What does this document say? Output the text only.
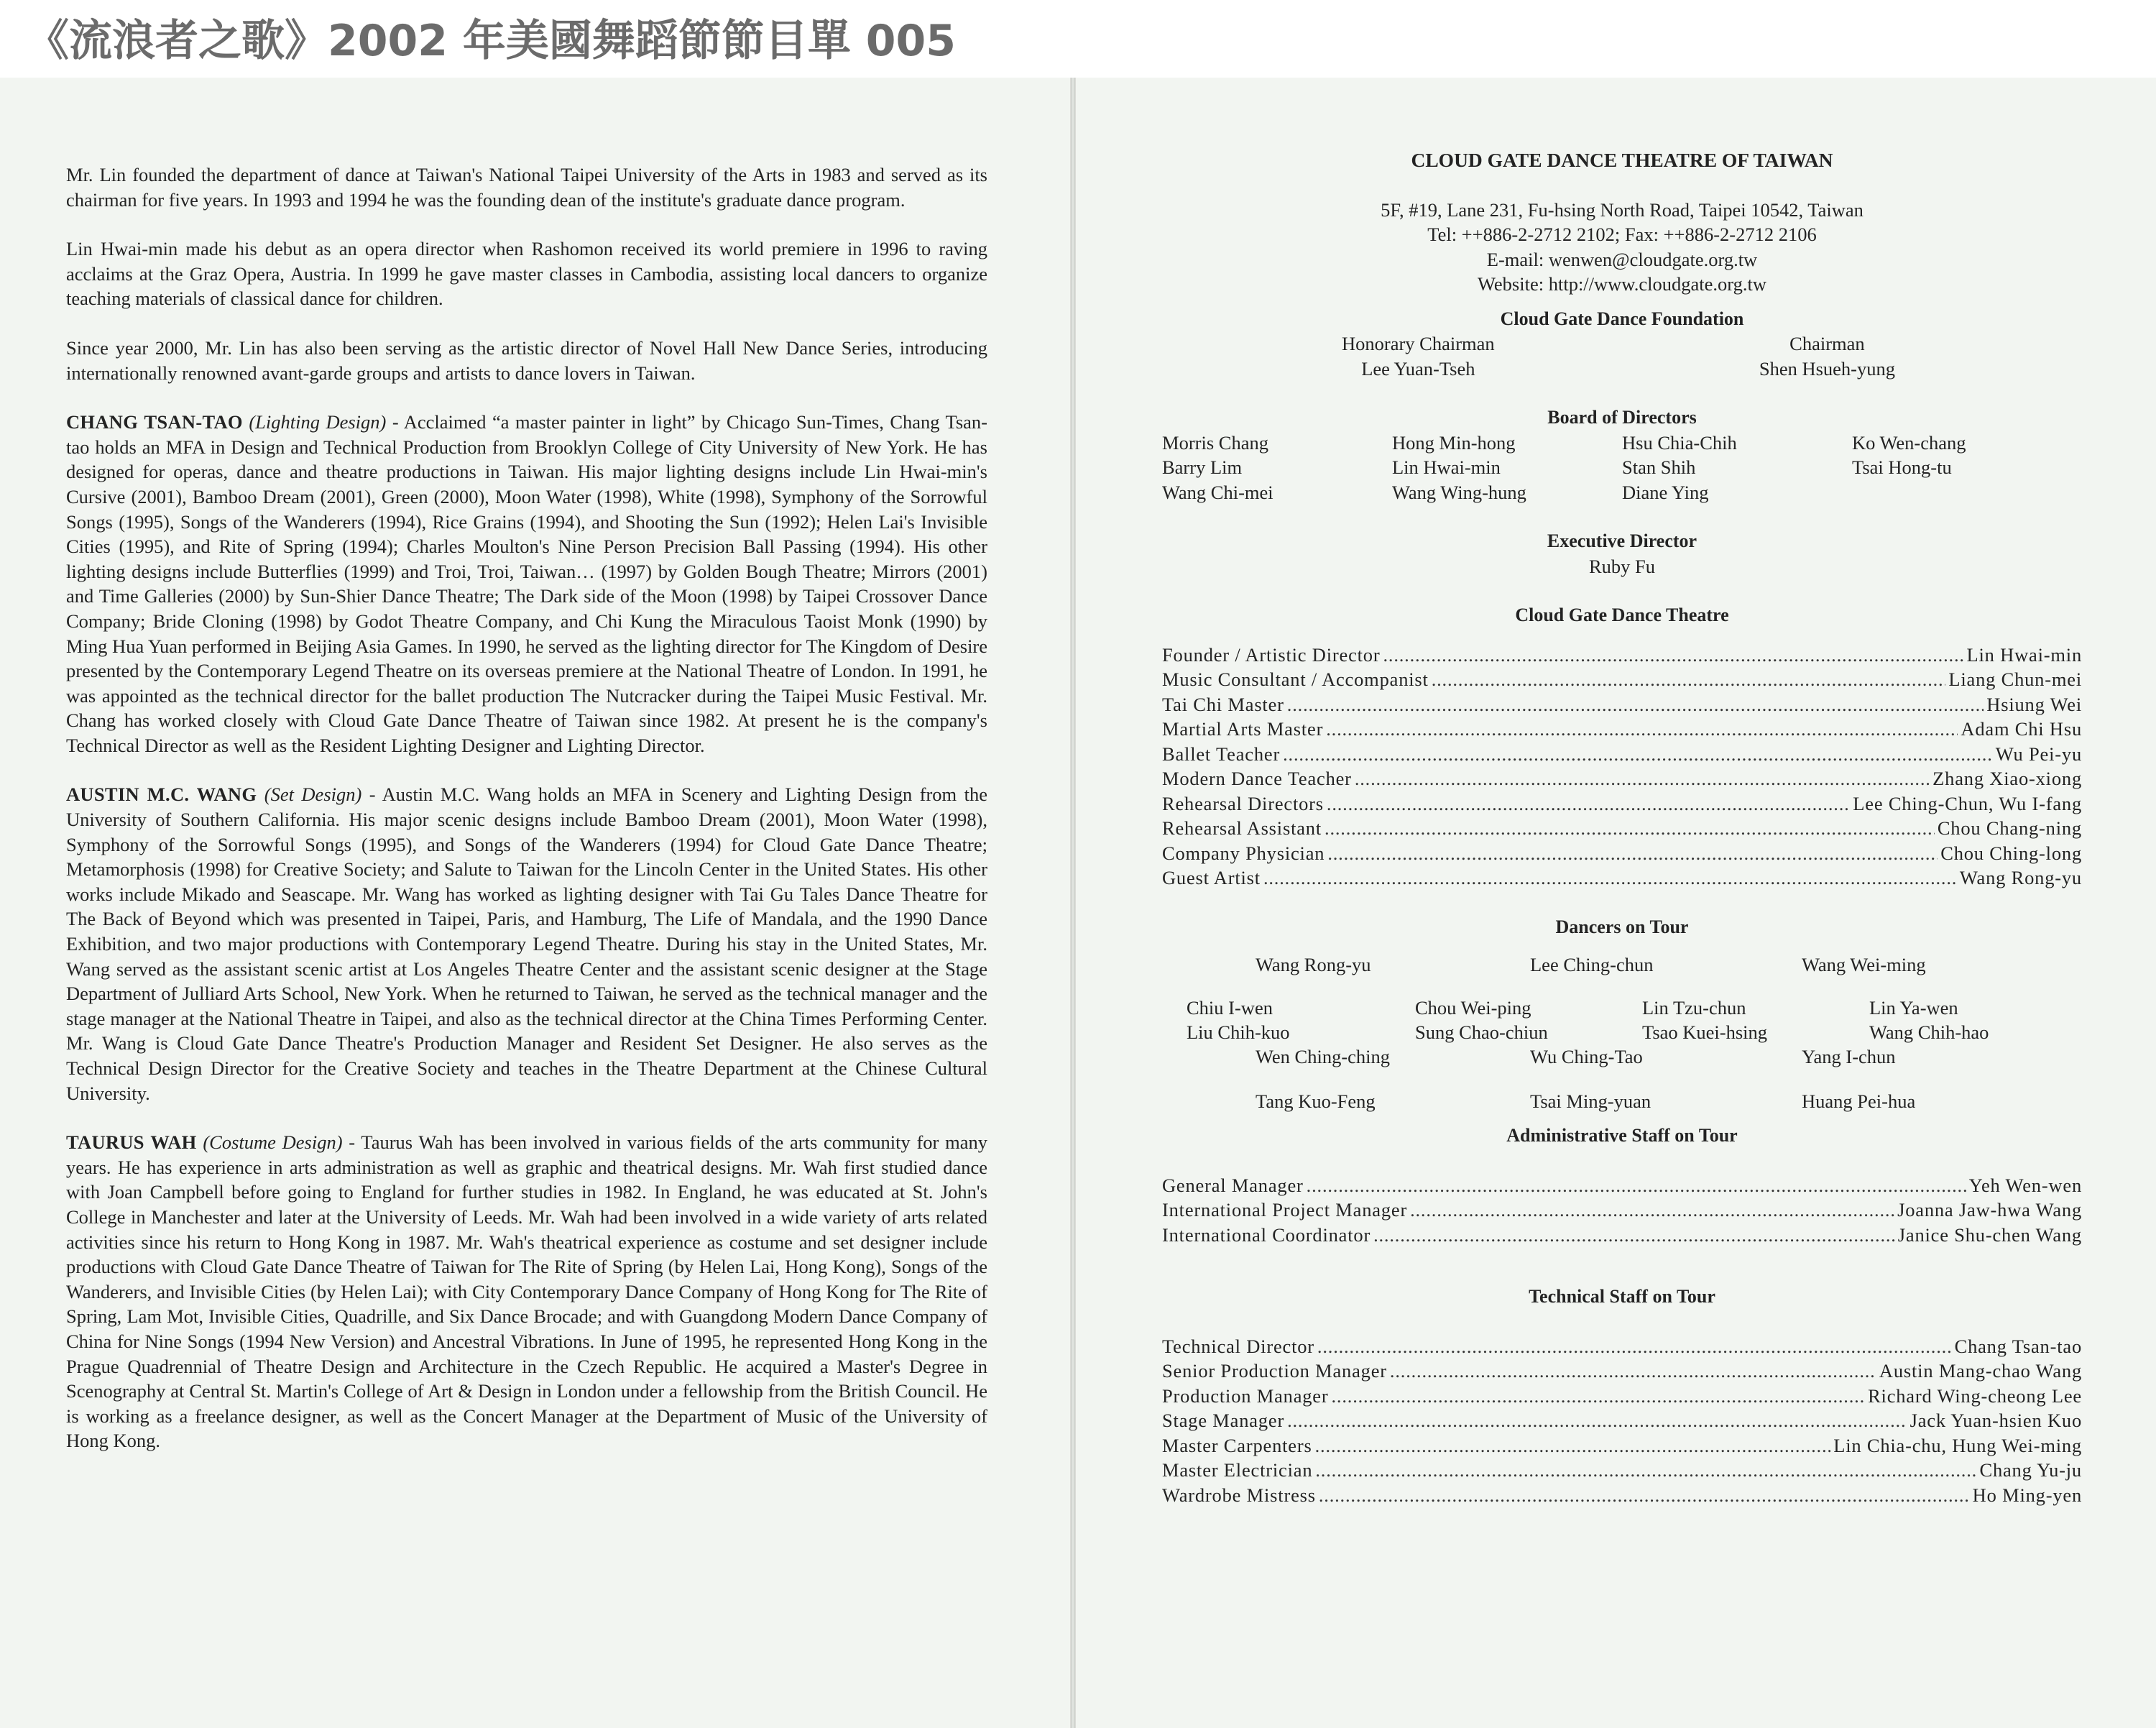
《流浪者之歌》2002 年美國舞蹈節節目單 005

Mr. Lin founded the department of dance at Taiwan's National Taipei University of the Arts in 1983 and served as its chairman for five years. In 1993 and 1994 he was the founding dean of the institute's graduate dance program.

Lin Hwai-min made his debut as an opera director when Rashomon received its world premiere in 1996 to raving acclaims at the Graz Opera, Austria. In 1999 he gave master classes in Cambodia, assisting local dancers to organize teaching materials of classical dance for children.

Since year 2000, Mr. Lin has also been serving as the artistic director of Novel Hall New Dance Series, introducing internationally renowned avant-garde groups and artists to dance lovers in Taiwan.

CHANG TSAN-TAO (Lighting Design) - Acclaimed “a master painter in light” by Chicago Sun-Times, Chang Tsan-tao holds an MFA in Design and Technical Production from Brooklyn College of City University of New York. He has designed for operas, dance and theatre productions in Taiwan. His major lighting designs include Lin Hwai-min's Cursive (2001), Bamboo Dream (2001), Green (2000), Moon Water (1998), White (1998), Symphony of the Sorrowful Songs (1995), Songs of the Wanderers (1994), Rice Grains (1994), and Shooting the Sun (1992); Helen Lai's Invisible Cities (1995), and Rite of Spring (1994); Charles Moulton's Nine Person Precision Ball Passing (1994). His other lighting designs include Butterflies (1999) and Troi, Troi, Taiwan… (1997) by Golden Bough Theatre; Mirrors (2001) and Time Galleries (2000) by Sun-Shier Dance Theatre; The Dark side of the Moon (1998) by Taipei Crossover Dance Company; Bride Cloning (1998) by Godot Theatre Company, and Chi Kung the Miraculous Taoist Monk (1990) by Ming Hua Yuan performed in Beijing Asia Games. In 1990, he served as the lighting director for The Kingdom of Desire presented by the Contemporary Legend Theatre on its overseas premiere at the National Theatre of London. In 1991, he was appointed as the technical director for the ballet production The Nutcracker during the Taipei Music Festival. Mr. Chang has worked closely with Cloud Gate Dance Theatre of Taiwan since 1982. At present he is the company's Technical Director as well as the Resident Lighting Designer and Lighting Director.

AUSTIN M.C. WANG (Set Design) - Austin M.C. Wang holds an MFA in Scenery and Lighting Design from the University of Southern California. His major scenic designs include Bamboo Dream (2001), Moon Water (1998), Symphony of the Sorrowful Songs (1995), and Songs of the Wanderers (1994) for Cloud Gate Dance Theatre; Metamorphosis (1998) for Creative Society; and Salute to Taiwan for the Lincoln Center in the United States. His other works include Mikado and Seascape. Mr. Wang has worked as lighting designer with Tai Gu Tales Dance Theatre for The Back of Beyond which was presented in Taipei, Paris, and Hamburg, The Life of Mandala, and the 1990 Dance Exhibition, and two major productions with Contemporary Legend Theatre. During his stay in the United States, Mr. Wang served as the assistant scenic artist at Los Angeles Theatre Center and the assistant scenic designer at the Stage Department of Julliard Arts School, New York. When he returned to Taiwan, he served as the technical manager and the stage manager at the National Theatre in Taipei, and also as the technical director at the China Times Performing Center. Mr. Wang is Cloud Gate Dance Theatre's Production Manager and Resident Set Designer. He also serves as the Technical Design Director for the Creative Society and teaches in the Theatre Department at the Chinese Cultural University.

TAURUS WAH (Costume Design) - Taurus Wah has been involved in various fields of the arts community for many years. He has experience in arts administration as well as graphic and theatrical designs. Mr. Wah first studied dance with Joan Campbell before going to England for further studies in 1982. In England, he was educated at St. John's College in Manchester and later at the University of Leeds. Mr. Wah had been involved in a wide variety of arts related activities since his return to Hong Kong in 1987. Mr. Wah's theatrical experience as costume and set designer include productions with Cloud Gate Dance Theatre of Taiwan for The Rite of Spring (by Helen Lai, Hong Kong), Songs of the Wanderers, and Invisible Cities (by Helen Lai); with City Contemporary Dance Company of Hong Kong for The Rite of Spring, Lam Mot, Invisible Cities, Quadrille, and Six Dance Brocade; and with Guangdong Modern Dance Company of China for Nine Songs (1994 New Version) and Ancestral Vibrations. In June of 1995, he represented Hong Kong in the Prague Quadrennial of Theatre Design and Architecture in the Czech Republic. He acquired a Master's Degree in Scenography at Central St. Martin's College of Art & Design in London under a fellowship from the British Council. He is working as a freelance designer, as well as the Concert Manager at the Department of Music of the University of Hong Kong.

CLOUD GATE DANCE THEATRE OF TAIWAN
5F, #19, Lane 231, Fu-hsing North Road, Taipei 10542, Taiwan
Tel: ++886-2-2712 2102; Fax: ++886-2-2712 2106
E-mail: wenwen@cloudgate.org.tw
Website: http://www.cloudgate.org.tw
Cloud Gate Dance Foundation
Honorary Chairman
Lee Yuan-Tseh
Chairman
Shen Hsueh-yung
Board of Directors
Morris Chang	Hong Min-hong	Hsu Chia-Chih	Ko Wen-chang
Barry Lim	Lin Hwai-min	Stan Shih	Tsai Hong-tu
Wang Chi-mei	Wang Wing-hung	Diane Ying
Executive Director
Ruby Fu
Cloud Gate Dance Theatre
Founder / Artistic Director .....	Lin Hwai-min
Music Consultant / Accompanist .....	Liang Chun-mei
Tai Chi Master .....	Hsiung Wei
Martial Arts Master .....	Adam Chi Hsu
Ballet Teacher .....	Wu Pei-yu
Modern Dance Teacher .....	Zhang Xiao-xiong
Rehearsal Directors .....	Lee Ching-Chun, Wu I-fang
Rehearsal Assistant .....	Chou Chang-ning
Company Physician .....	Chou Ching-long
Guest Artist .....	Wang Rong-yu
Dancers on Tour
Wang Rong-yu	Lee Ching-chun	Wang Wei-ming
Chiu I-wen	Chou Wei-ping	Lin Tzu-chun	Lin Ya-wen
Liu Chih-kuo	Sung Chao-chiun	Tsao Kuei-hsing	Wang Chih-hao
Wen Ching-ching	Wu Ching-Tao	Yang I-chun
Tang Kuo-Feng	Tsai Ming-yuan	Huang Pei-hua
Administrative Staff on Tour
General Manager .....	Yeh Wen-wen
International Project Manager .....	Joanna Jaw-hwa Wang
International Coordinator .....	Janice Shu-chen Wang
Technical Staff on Tour
Technical Director .....	Chang Tsan-tao
Senior Production Manager .....	Austin Mang-chao Wang
Production Manager .....	Richard Wing-cheong Lee
Stage Manager .....	Jack Yuan-hsien Kuo
Master Carpenters .....	Lin Chia-chu, Hung Wei-ming
Master Electrician .....	Chang Yu-ju
Wardrobe Mistress .....	Ho Ming-yen
